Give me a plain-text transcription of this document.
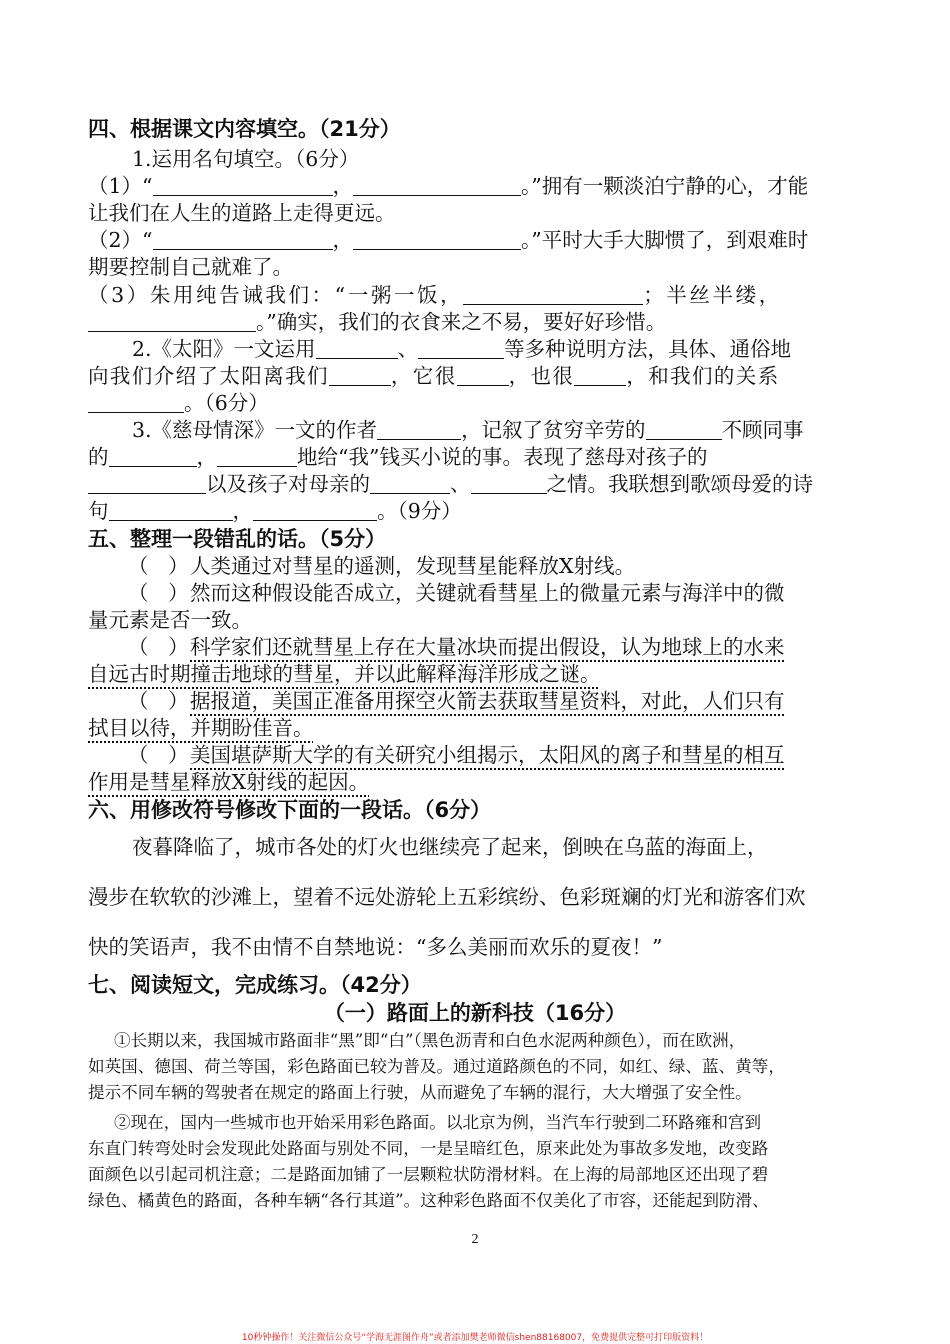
四、根据课文内容填空。（21分）
1.运用名句填空。（6分）
（1）“	，	。”拥有一颗淡泊宁静的心，才能
让我们在人生的道路上走得更远。
（2）“	，	。”平时大手大脚惯了，到艰难时
期要控制自己就难了。
（3）朱用纯告诫我们：“一粥一饭，	；半丝半缕，
。”确实，我们的衣食来之不易，要好好珍惜。
2.《太阳》一文运用	、	等多种说明方法，具体、通俗地
向我们介绍了太阳离我们	，它很	，也很	，和我们的关系
。（6分）
3.《慈母情深》一文的作者	，记叙了贫穷辛劳的	不顾同事
的	，	地给“我”钱买小说的事。表现了慈母对孩子的
以及孩子对母亲的	、	之情。我联想到歌颂母爱的诗
句	，	。（9分）
五、整理一段错乱的话。（5分）
（ ）人类通过对彗星的遥测，发现彗星能释放X射线。
（ ）然而这种假设能否成立，关键就看彗星上的微量元素与海洋中的微
量元素是否一致。
（ ）科学家们还就彗星上存在大量冰块而提出假设，认为地球上的水来
自远古时期撞击地球的彗星，并以此解释海洋形成之谜。
（ ）据报道，美国正准备用探空火箭去获取彗星资料，对此，人们只有
拭目以待，并期盼佳音。
（ ）美国堪萨斯大学的有关研究小组揭示，太阳风的离子和彗星的相互
作用是彗星释放X射线的起因。
六、用修改符号修改下面的一段话。（6分）
夜暮降临了，城市各处的灯火也继续亮了起来，倒映在乌蓝的海面上，
漫步在软软的沙滩上，望着不远处游轮上五彩缤纷、色彩斑斓的灯光和游客们欢
快的笑语声，我不由情不自禁地说：“多么美丽而欢乐的夏夜！”
七、阅读短文，完成练习。（42分）
（一）路面上的新科技（16分）
①长期以来，我国城市路面非“黑”即“白”（黑色沥青和白色水泥两种颜色），而在欧洲，
如英国、德国、荷兰等国，彩色路面已较为普及。通过道路颜色的不同，如红、绿、蓝、黄等，
提示不同车辆的驾驶者在规定的路面上行驶，从而避免了车辆的混行，大大增强了安全性。
②现在，国内一些城市也开始采用彩色路面。以北京为例，当汽车行驶到二环路雍和宫到
东直门转弯处时会发现此处路面与别处不同，一是呈暗红色，原来此处为事故多发地，改变路
面颜色以引起司机注意；二是路面加铺了一层颗粒状防滑材料。在上海的局部地区还出现了碧
绿色、橘黄色的路面，各种车辆“各行其道”。这种彩色路面不仅美化了市容，还能起到防滑、
2
10秒钟操作！关注微信公众号“学海无涯图作舟”或者添加樊老师微信shen88168007，免费提供完整可打印版资料！
